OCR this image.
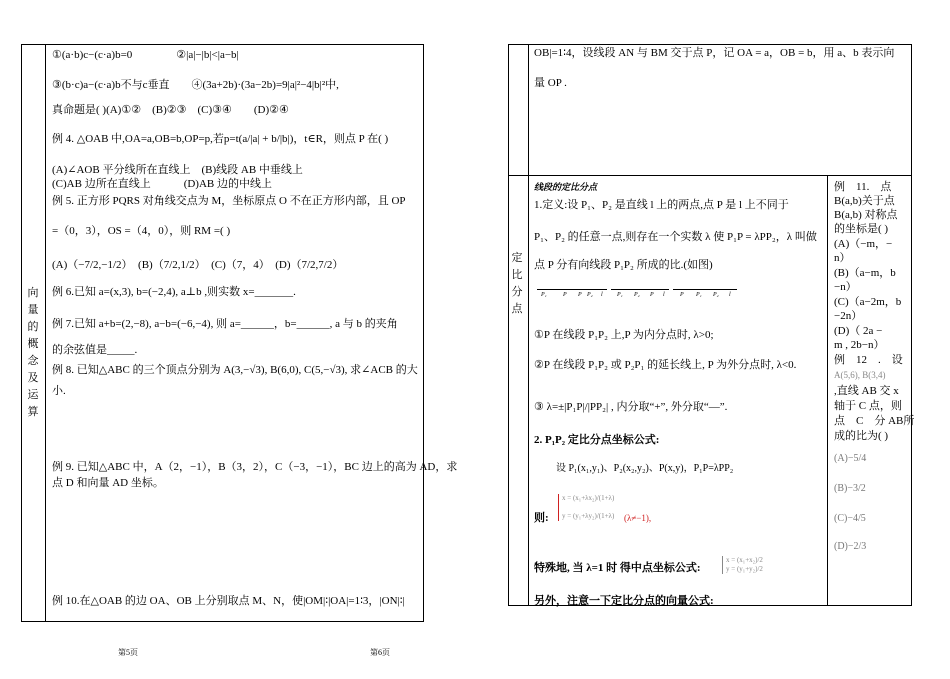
向
量
的
概
念
及
运
算
①(a·b)c−(c·a)b=0　　　　②|a|−|b|<|a−b|
③(b·c)a−(c·a)b不与c垂直　　④(3a+2b)·(3a−2b)=9|a|²−4|b|²中,
真命题是( )(A)①②　(B)②③　(C)③④　　(D)②④
例 4. △OAB 中,OA=a,OB=b,OP=p,若p=t(a/|a| + b/|b|)，t∈R，则点 P 在( )
(A)∠AOB 平分线所在直线上　(B)线段 AB 中垂线上
(C)AB 边所在直线上　　　(D)AB 边的中线上
例 5. 正方形 PQRS 对角线交点为 M，坐标原点 O 不在正方形内部，且 OP
=（0，3），OS =（4，0），则 RM =( )
(A)（−7/2,−1/2）　(B)（7/2,1/2）　(C)（7，4）　(D)（7/2,7/2）
例 6.已知 a=(x,3), b=(−2,4), a⊥b ,则实数 x=_______.
例 7.已知 a+b=(2,−8), a−b=(−6,−4), 则 a=______，b=______, a 与 b 的夹角
的余弦值是_____.
例 8. 已知△ABC 的三个顶点分别为 A(3,−√3), B(6,0), C(5,−√3), 求∠ACB 的大
小.
例 9. 已知△ABC 中，A（2，−1），B（3，2），C（−3，−1），BC 边上的高为 AD，求
点 D 和向量 AD 坐标。
例 10.在△OAB 的边 OA、OB 上分别取点 M、N，使|OM|∶|OA|=1∶3，|ON|∶|
第5页
OB|=1∶4，设线段 AN 与 BM 交于点 P，记 OA = a，OB = b，用 a、b 表示向
量 OP .
定
比
分
点
线段的定比分点
1.定义:设 P₁、P₂ 是直线 l 上的两点,点 P 是 l 上不同于
P₁、P₂ 的任意一点,则存在一个实数 λ 使 P₁P = λPP₂，λ 叫做
点 P 分有向线段 P₁P₂ 所成的比.(如图)
P₁	P P P₂ l P₁ P₂ P l	P P₁ P₂ l
①P 在线段 P₁P₂ 上,P 为内分点时, λ>0;
②P 在线段 P₁P₂ 或 P₂P₁ 的延长线上, P 为外分点时, λ<0.
③ λ=±|P₁P|/|PP₂| , 内分取“+”, 外分取“—”.
2. P₁P₂ 定比分点坐标公式:
设 P₁(x₁,y₁)、P₂(x₂,y₂)、P(x,y)，P₁P=λPP₂
则:
x = (x₁+λx₂)/(1+λ)
y = (y₁+λy₂)/(1+λ) (λ≠−1),
特殊地, 当 λ=1 时 得中点坐标公式:
x = (x₁+x₂)/2
y = (y₁+y₂)/2
另外，注意一下定比分点的向量公式:
例　11.　点
B(a,b)关于点
B(a,b) 对称点
的坐标是( )
(A)（−m，−
n）
(B)（a−m，b
−n）
(C)（a−2m，b
−2n）
(D)（ 2a −
m , 2b−n）
例　12　.　设
A(5,6), B(3,4)
,直线 AB 交 x
轴于 C 点，则
点　C　分 AB所
成的比为( )
(A)−5/4
(B)−3/2
(C)−4/5
(D)−2/3
第6页
